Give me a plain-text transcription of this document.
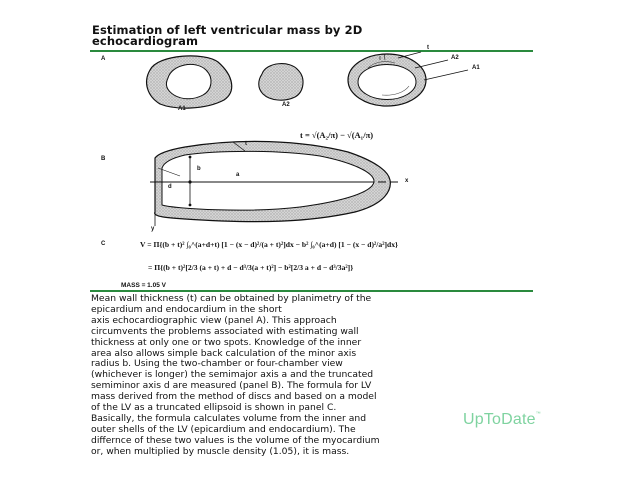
Estimation of left ventricular mass by 2D
echocardiogram
A
B
C
A1
A2
t
A2
A1
t = √(A₂/π) − √(A₁/π)
t
b
a
d
x
y
V = Π{(b + t)² ∫₀^(a+d+t) [1 − (x − d)²/(a + t)²]dx − b² ∫₀^(a+d) [1 − (x − d)²/a²]dx}
= Π{(b + t)²[2/3 (a + t) + d − d³/3(a + t)²] − b²[2/3 a + d − d³/3a²]}
MASS = 1.05 V

Mean wall thickness (t) can be obtained by planimetry of the
epicardium and endocardium in the short
axis echocardiographic view (panel A). This approach
circumvents the problems associated with estimating wall
thickness at only one or two spots. Knowledge of the inner
area also allows simple back calculation of the minor axis
radius b. Using the two-chamber or four-chamber view
(whichever is longer) the semimajor axis a and the truncated
semiminor axis d are measured (panel B). The formula for LV
mass derived from the method of discs and based on a model
of the LV as a truncated ellipsoid is shown in panel C.
Basically, the formula calculates volume from the inner and
outer shells of the LV (epicardium and endocardium). The
differnce of these two values is the volume of the myocardium
or, when multiplied by muscle density (1.05), it is mass.

UpToDate™
